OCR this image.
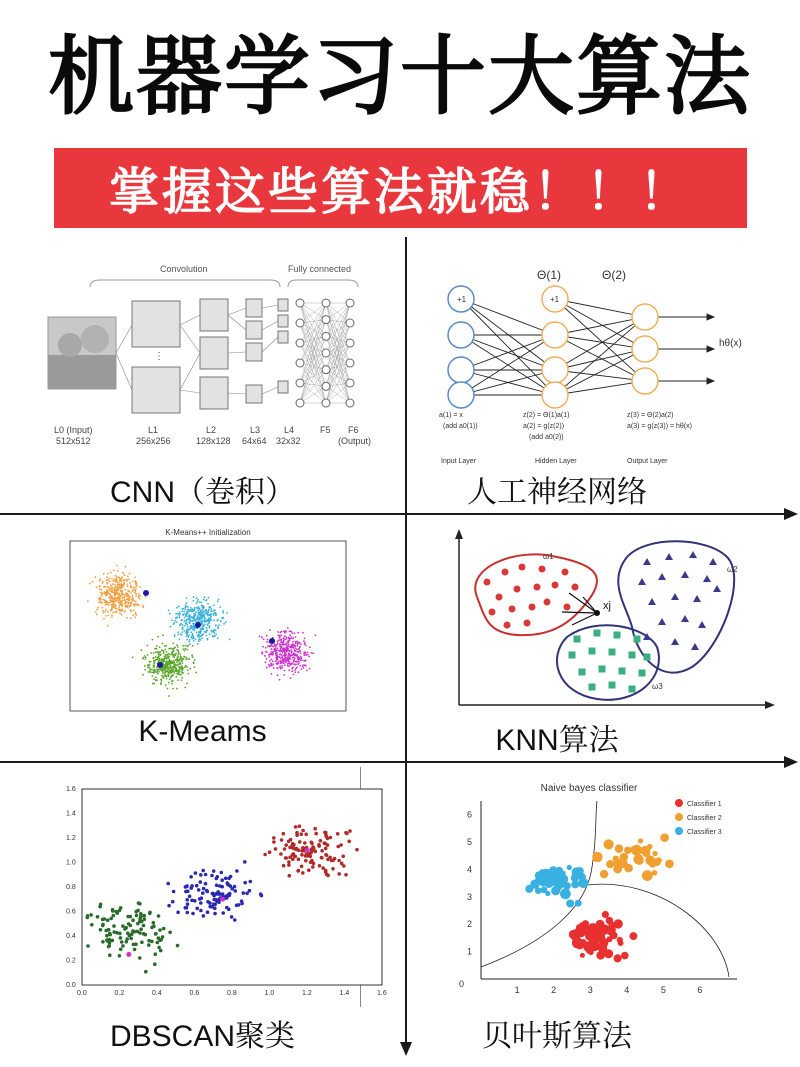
机器学习十大算法
掌握这些算法就稳！！！
Convolution	Fully connected
⋮
L0 (Input)
512x512
L1
256x256
L2
128x128
L3
64x64
L4
32x32
F5 F6
(Output)
CNN（卷积）
Θ(1)	Θ(2)
+1	+1
hθ(x)
a(1) = x
(add a0(1))
z(2) = Θ(1)a(1)
a(2) = g(z(2))
(add a0(2))
z(3) = Θ(2)a(2)
a(3) = g(z(3)) = hθ(x)
Input Layer	Hidden Layer	Output Layer
人工神经网络
K-Means++ Initialization
K-Meams
ω1
ω2
ω3
xj
KNN算法
0.0	0.2	0.4	0.6	0.8	1.0	1.2	1.4	1.6
0.0
0.2
0.4
0.6
0.8
1.0
1.2
1.4
1.6
DBSCAN聚类
Naive bayes classifier
1	2	3	4	5	6
1
2
3
4
5
6
0
Classifier 1
Classifier 2
Classifier 3
贝叶斯算法
